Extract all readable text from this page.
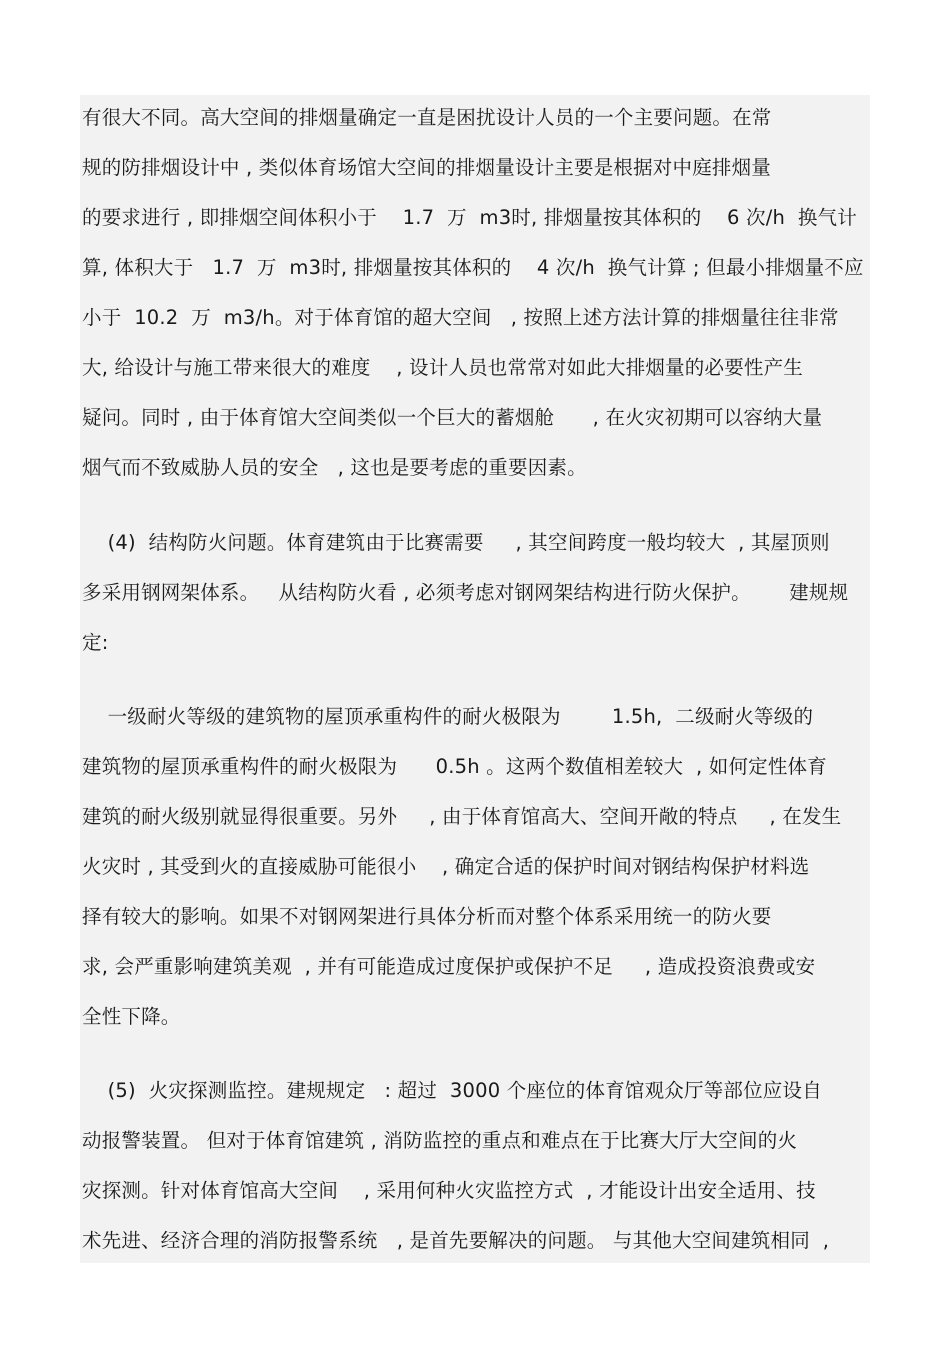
有很大不同。高大空间的排烟量确定一直是困扰设计人员的一个主要问题。在常
规的防排烟设计中 , 类似体育场馆大空间的排烟量设计主要是根据对中庭排烟量
的要求进行 , 即排烟空间体积小于    1.7  万  m3时, 排烟量按其体积的    6 次/h  换气计
算, 体积大于   1.7  万  m3时, 排烟量按其体积的    4 次/h  换气计算 ; 但最小排烟量不应
小于  10.2  万  m3/h。对于体育馆的超大空间   , 按照上述方法计算的排烟量往往非常
大, 给设计与施工带来很大的难度    , 设计人员也常常对如此大排烟量的必要性产生
疑问。同时 , 由于体育馆大空间类似一个巨大的蓄烟舱      , 在火灾初期可以容纳大量
烟气而不致威胁人员的安全   , 这也是要考虑的重要因素。
(4)  结构防火问题。体育建筑由于比赛需要     , 其空间跨度一般均较大  , 其屋顶则
多采用钢网架体系。   从结构防火看 , 必须考虑对钢网架结构进行防火保护。      建规规
定:
一级耐火等级的建筑物的屋顶承重构件的耐火极限为        1.5h,  二级耐火等级的
建筑物的屋顶承重构件的耐火极限为      0.5h 。这两个数值相差较大  , 如何定性体育
建筑的耐火级别就显得很重要。另外     , 由于体育馆高大、空间开敞的特点     , 在发生
火灾时 , 其受到火的直接威胁可能很小    , 确定合适的保护时间对钢结构保护材料选
择有较大的影响。如果不对钢网架进行具体分析而对整个体系采用统一的防火要
求, 会严重影响建筑美观  , 并有可能造成过度保护或保护不足     , 造成投资浪费或安
全性下降。
(5)  火灾探测监控。建规规定   : 超过  3000 个座位的体育馆观众厅等部位应设自
动报警装置。 但对于体育馆建筑 , 消防监控的重点和难点在于比赛大厅大空间的火
灾探测。针对体育馆高大空间    , 采用何种火灾监控方式  , 才能设计出安全适用、技
术先进、经济合理的消防报警系统   , 是首先要解决的问题。 与其他大空间建筑相同  ,
